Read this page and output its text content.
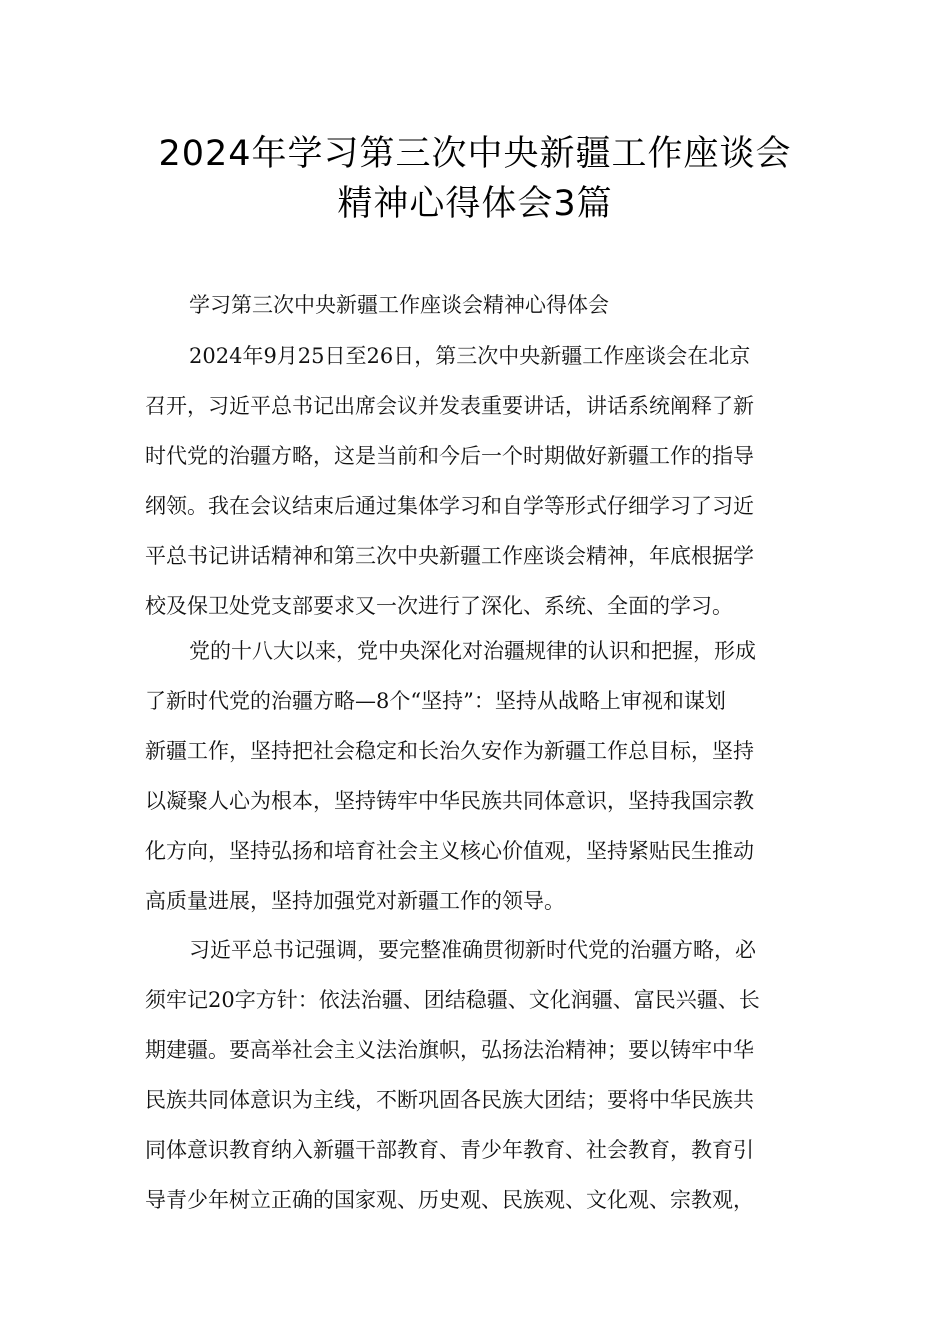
2024年学习第三次中央新疆工作座谈会
精神心得体会3篇
学习第三次中央新疆工作座谈会精神心得体会
2024年9月25日至26日，第三次中央新疆工作座谈会在北京
召开，习近平总书记出席会议并发表重要讲话，讲话系统阐释了新
时代党的治疆方略，这是当前和今后一个时期做好新疆工作的指导
纲领。我在会议结束后通过集体学习和自学等形式仔细学习了习近
平总书记讲话精神和第三次中央新疆工作座谈会精神，年底根据学
校及保卫处党支部要求又一次进行了深化、系统、全面的学习。
党的十八大以来，党中央深化对治疆规律的认识和把握，形成
了新时代党的治疆方略—8个“坚持”：坚持从战略上审视和谋划
新疆工作，坚持把社会稳定和长治久安作为新疆工作总目标，坚持
以凝聚人心为根本，坚持铸牢中华民族共同体意识，坚持我国宗教
化方向，坚持弘扬和培育社会主义核心价值观，坚持紧贴民生推动
高质量进展，坚持加强党对新疆工作的领导。
习近平总书记强调，要完整准确贯彻新时代党的治疆方略，必
须牢记20字方针：依法治疆、团结稳疆、文化润疆、富民兴疆、长
期建疆。要高举社会主义法治旗帜，弘扬法治精神；要以铸牢中华
民族共同体意识为主线，不断巩固各民族大团结；要将中华民族共
同体意识教育纳入新疆干部教育、青少年教育、社会教育，教育引
导青少年树立正确的国家观、历史观、民族观、文化观、宗教观，
